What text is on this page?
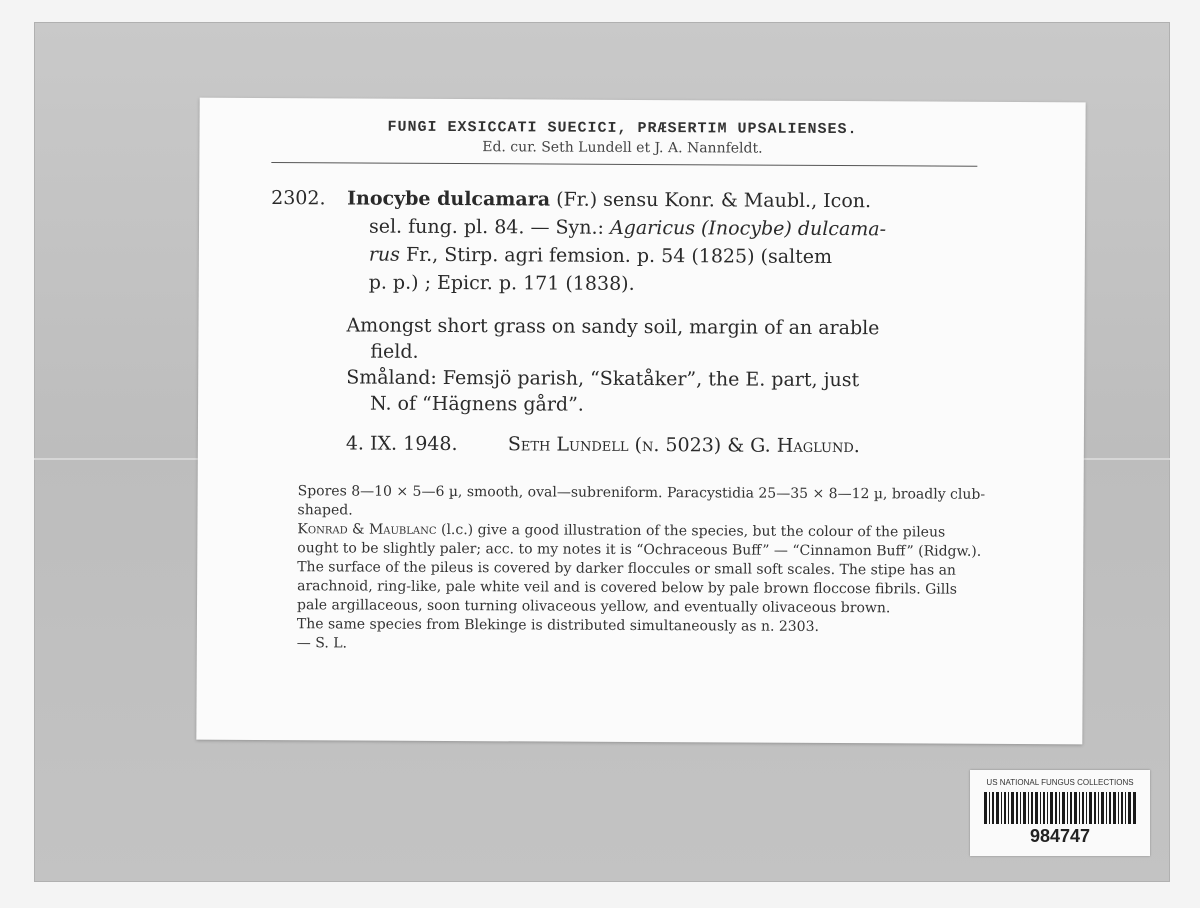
FUNGI EXSICCATI SUECICI, PRÆSERTIM UPSALIENSES.
Ed. cur. Seth Lundell et J. A. Nannfeldt.
2302. Inocybe dulcamara (Fr.) sensu Konr. & Maubl., Icon.
sel. fung. pl. 84. — Syn.: Agaricus (Inocybe) dulcama-
rus Fr., Stirp. agri femsion. p. 54 (1825) (saltem
p. p.) ; Epicr. p. 171 (1838).

Amongst short grass on sandy soil, margin of an arable

field.

Småland: Femsjö parish, “Skatåker”, the E. part, just

N. of “Hägnens gård”.

4. IX. 1948.	Seth Lundell (n. 5023) & G. Haglund.

Spores 8—10 × 5—6 µ, smooth, oval—subreniform. Paracystidia 25—35 × 8—12 µ, broadly club-shaped.

Konrad & Maublanc (l.c.) give a good illustration of the species, but the colour of the pileus ought to be slightly paler; acc. to my notes it is “Ochraceous Buff” — “Cinnamon Buff” (Ridgw.).

The surface of the pileus is covered by darker floccules or small soft scales. The stipe has an arachnoid, ring-like, pale white veil and is covered below by pale brown floccose fibrils. Gills pale argillaceous, soon turning olivaceous yellow, and eventually olivaceous brown.

The same species from Blekinge is distributed simultaneously as n. 2303.

— S. L.

US NATIONAL FUNGUS COLLECTIONS
984747
